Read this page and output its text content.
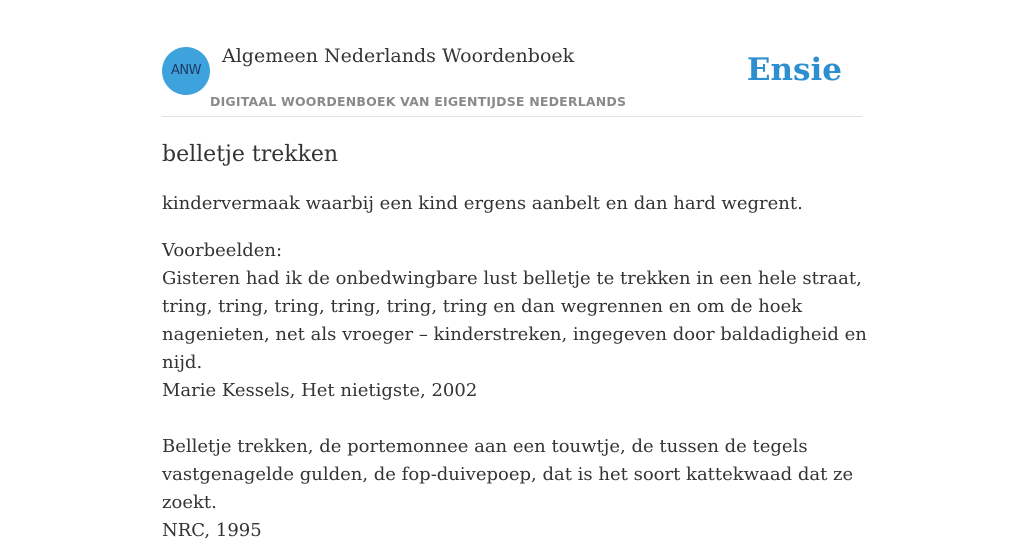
ANW
Algemeen Nederlands Woordenboek
DIGITAAL WOORDENBOEK VAN EIGENTIJDSE NEDERLANDS
Ensie
belletje trekken

kindervermaak waarbij een kind ergens aanbelt en dan hard wegrent.

Voorbeelden:

Gisteren had ik de onbedwingbare lust belletje te trekken in een hele straat, tring, tring, tring, tring, tring, tring en dan wegrennen en om de hoek nagenieten, net als vroeger – kinderstreken, ingegeven door baldadigheid en nijd.
Marie Kessels, Het nietigste, 2002
Belletje trekken, de portemonnee aan een touwtje, de tussen de tegels vastgenagelde gulden, de fop-duivepoep, dat is het soort kattekwaad dat ze zoekt.
NRC, 1995
